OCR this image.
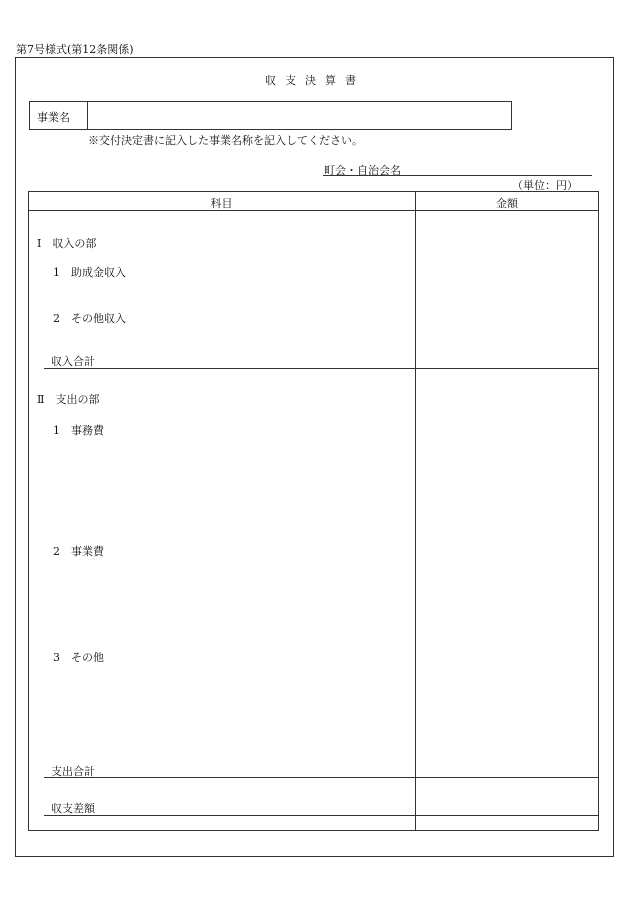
第7号様式(第12条関係)
収支決算書
事業名
※交付決定書に記入した事業名称を記入してください。
町会・自治会名
（単位：円）
科目	金額
Ⅰ　収入の部
1　助成金収入
2　その他収入
収入合計
Ⅱ　支出の部
1　事務費
2　事業費
3　その他
支出合計
収支差額
